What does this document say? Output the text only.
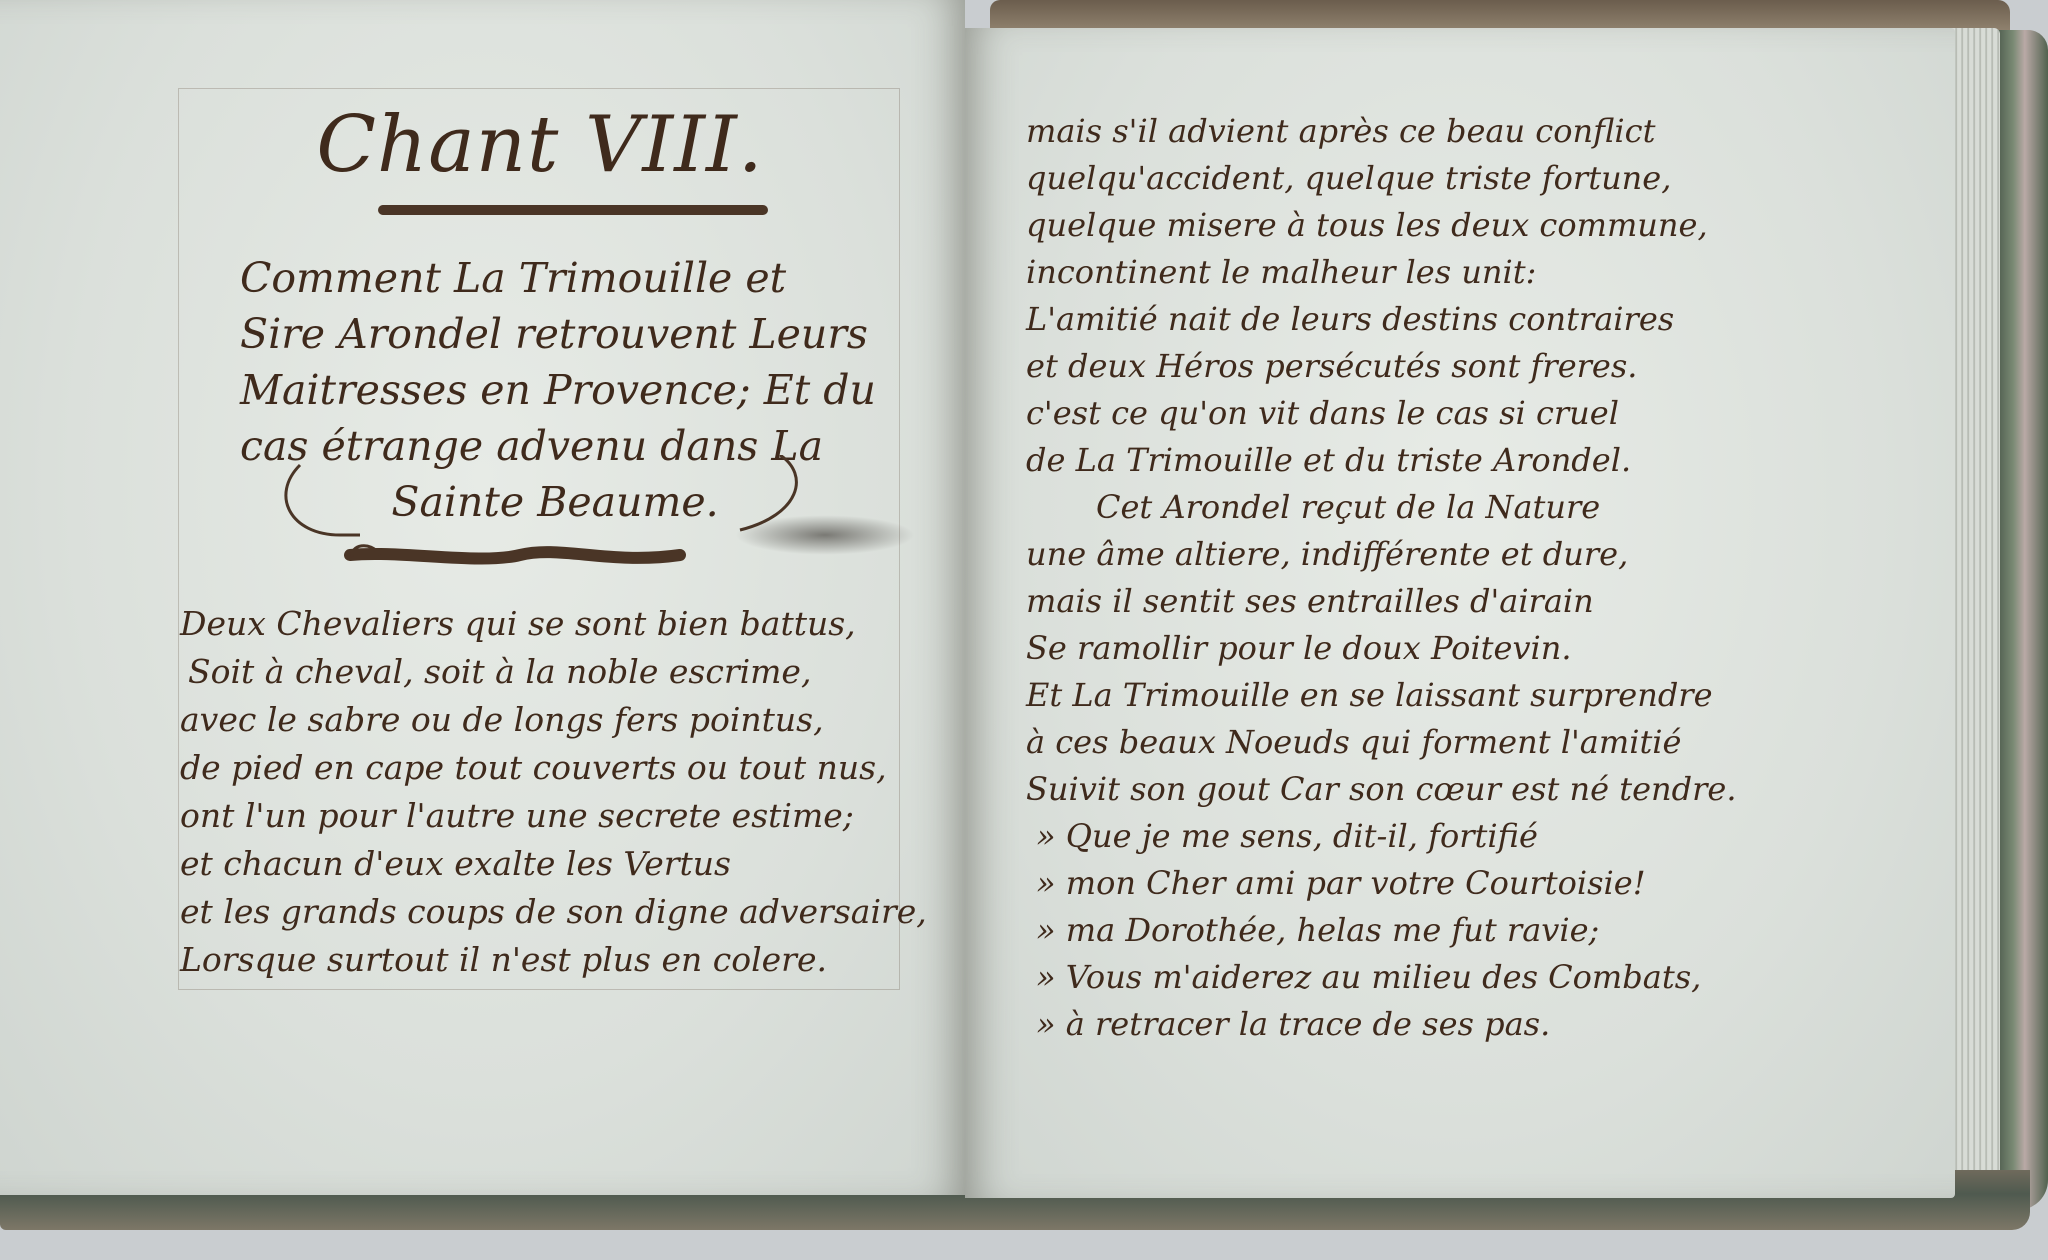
Chant VIII.
Comment La Trimouille et
Sire Arondel retrouvent Leurs
Maitresses en Provence; Et du
cas étrange advenu dans La
Sainte Beaume.
Deux Chevaliers qui se sont bien battus,
Soit à cheval, soit à la noble escrime,
avec le sabre ou de longs fers pointus,
de pied en cape tout couverts ou tout nus,
ont l'un pour l'autre une secrete estime;
et chacun d'eux exalte les Vertus
et les grands coups de son digne adversaire,
Lorsque surtout il n'est plus en colere.
mais s'il advient après ce beau conflict
quelqu'accident, quelque triste fortune,
quelque misere à tous les deux commune,
incontinent le malheur les unit:
L'amitié nait de leurs destins contraires
et deux Héros persécutés sont freres.
c'est ce qu'on vit dans le cas si cruel
de La Trimouille et du triste Arondel.
Cet Arondel reçut de la Nature
une âme altiere, indifférente et dure,
mais il sentit ses entrailles d'airain
Se ramollir pour le doux Poitevin.
Et La Trimouille en se laissant surprendre
à ces beaux Noeuds qui forment l'amitié
Suivit son gout Car son cœur est né tendre.
» Que je me sens, dit-il, fortifié
» mon Cher ami par votre Courtoisie!
» ma Dorothée, helas me fut ravie;
» Vous m'aiderez au milieu des Combats,
» à retracer la trace de ses pas.
